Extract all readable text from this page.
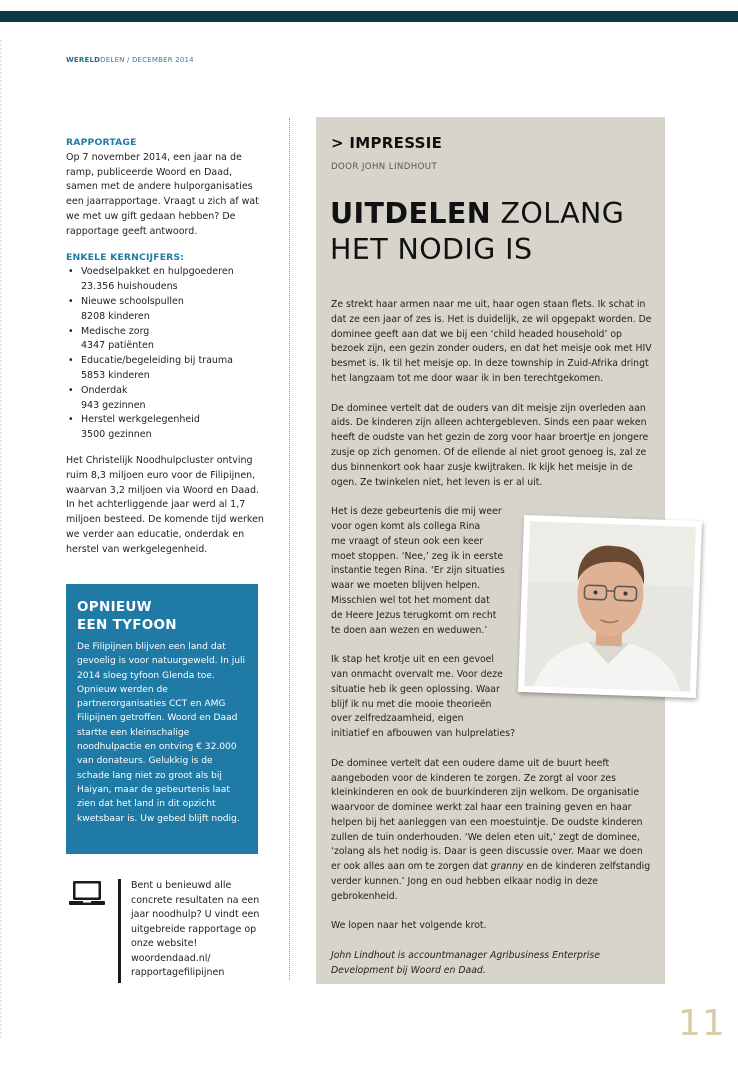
WERELDDELEN / DECEMBER 2014
RAPPORTAGE

Op 7 november 2014, een jaar na de ramp, publiceerde Woord en Daad, samen met de andere hulporganisaties een jaarrapportage. Vraagt u zich af wat we met uw gift gedaan hebben? De rapportage geeft antwoord.

ENKELE KERNCIJFERS:
• Voedselpakket en hulpgoederen
23.356 huishoudens
• Nieuwe schoolspullen
8208 kinderen
• Medische zorg
4347 patiënten
• Educatie/begeleiding bij trauma
5853 kinderen
• Onderdak
943 gezinnen
• Herstel werkgelegenheid
3500 gezinnen

Het Christelijk Noodhulpcluster ontving ruim 8,3 miljoen euro voor de Filipijnen, waarvan 3,2 miljoen via Woord en Daad. In het achterliggende jaar werd al 1,7 miljoen besteed. De komende tijd werken we verder aan educatie, onderdak en herstel van werkgelegenheid.

OPNIEUW
EEN TYFOON

De Filipijnen blijven een land dat gevoelig is voor natuurgeweld. In juli 2014 sloeg tyfoon Glenda toe. Opnieuw werden de partnerorganisaties CCT en AMG Filipijnen getroffen. Woord en Daad startte een kleinschalige noodhulpactie en ontving € 32.000 van donateurs. Gelukkig is de schade lang niet zo groot als bij Haiyan, maar de gebeurtenis laat zien dat het land in dit opzicht kwetsbaar is. Uw gebed blijft nodig.

Bent u benieuwd alle concrete resultaten na een jaar noodhulp? U vindt een uitgebreide rapportage op onze website! woordendaad.nl/ rapportagefilipijnen
> IMPRESSIE
DOOR JOHN LINDHOUT
UITDELEN ZOLANG HET NODIG IS

Ze strekt haar armen naar me uit, haar ogen staan flets. Ik schat in dat ze een jaar of zes is. Het is duidelijk, ze wil opgepakt worden. De dominee geeft aan dat we bij een ‘child headed household’ op bezoek zijn, een gezin zonder ouders, en dat het meisje ook met HIV besmet is. Ik til het meisje op. In deze township in Zuid-Afrika dringt het langzaam tot me door waar ik in ben terechtgekomen.

De dominee vertelt dat de ouders van dit meisje zijn overleden aan aids. De kinderen zijn alleen achtergebleven. Sinds een paar weken heeft de oudste van het gezin de zorg voor haar broertje en jongere zusje op zich genomen. Of de ellende al niet groot genoeg is, zal ze dus binnenkort ook haar zusje kwijtraken. Ik kijk het meisje in de ogen. Ze twinkelen niet, het leven is er al uit.

Het is deze gebeurtenis die mij weer
voor ogen komt als collega Rina
me vraagt of steun ook een keer
moet stoppen. ‘Nee,’ zeg ik in eerste
instantie tegen Rina. ‘Er zijn situaties
waar we moeten blijven helpen.
Misschien wel tot het moment dat
de Heere Jezus terugkomt om recht
te doen aan wezen en weduwen.’

Ik stap het krotje uit en een gevoel
van onmacht overvalt me. Voor deze
situatie heb ik geen oplossing. Waar
blijf ik nu met die mooie theorieën
over zelfredzaamheid, eigen
initiatief en afbouwen van hulprelaties?

De dominee vertelt dat een oudere dame uit de buurt heeft aangeboden voor de kinderen te zorgen. Ze zorgt al voor zes kleinkinderen en ook de buurkinderen zijn welkom. De organisatie waarvoor de dominee werkt zal haar een training geven en haar helpen bij het aanleggen van een moestuintje. De oudste kinderen zullen de tuin onderhouden. ‘We delen eten uit,’ zegt de dominee, ‘zolang als het nodig is. Daar is geen discussie over. Maar we doen er ook alles aan om te zorgen dat granny en de kinderen zelfstandig verder kunnen.’ Jong en oud hebben elkaar nodig in deze gebrokenheid.

We lopen naar het volgende krot.

John Lindhout is accountmanager Agribusiness Enterprise Development bij Woord en Daad.

11
